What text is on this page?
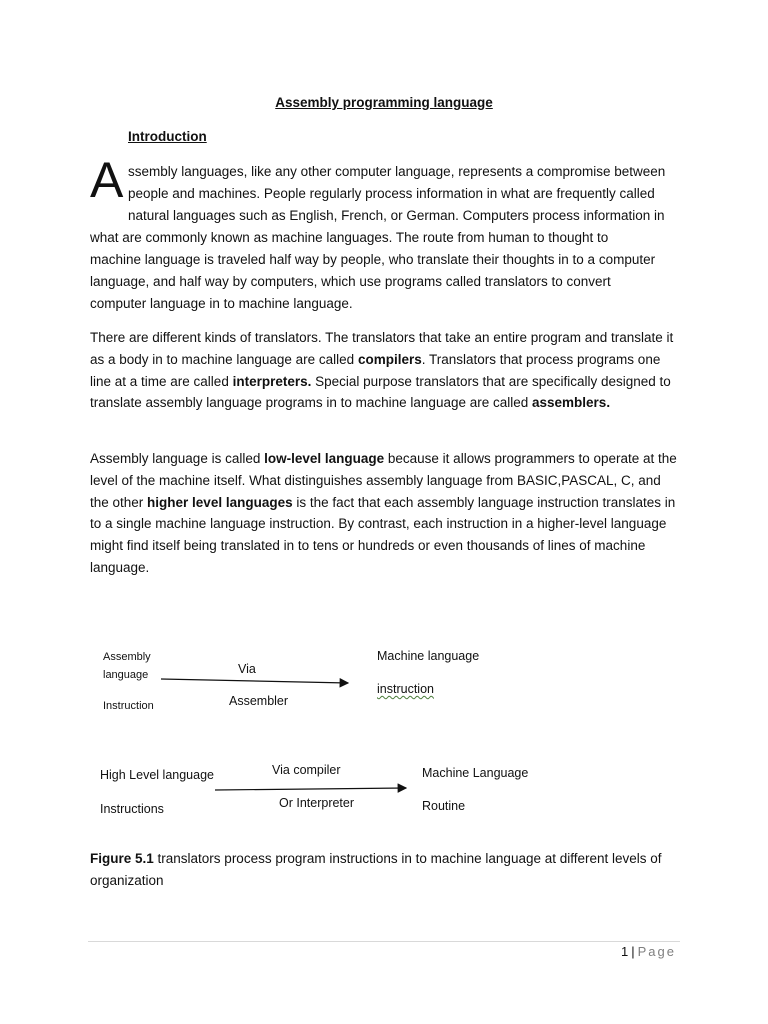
Assembly programming language
Introduction
A ssembly languages, like any other computer language, represents a compromise between
people and machines. People regularly process information in what are frequently called
natural languages such as English, French, or German. Computers process information in
what are commonly known as machine languages. The route from human to thought to
machine language is traveled half way by people, who translate their thoughts in to a computer
language, and half way by computers, which use programs called translators to convert
computer language in to machine language.

There are different kinds of translators. The translators that take an entire program and translate it as a body in to machine language are called compilers. Translators that process programs one line at a time are called interpreters. Special purpose translators that are specifically designed to translate assembly language programs in to machine language are called assemblers.

Assembly language is called low-level language because it allows programmers to operate at the level of the machine itself. What distinguishes assembly language from BASIC,PASCAL, C, and the other higher level languages is the fact that each assembly language instruction translates in to a single machine language instruction. By contrast, each instruction in a higher-level language might find itself being translated in to tens or hundreds or even thousands of lines of machine language.

Assembly
language
Instruction
Via
Assembler
Machine language
instruction
High Level language
Instructions
Via compiler
Or Interpreter
Machine Language
Routine
Figure 5.1 translators process program instructions in to machine language at different levels of organization
1 | Page
